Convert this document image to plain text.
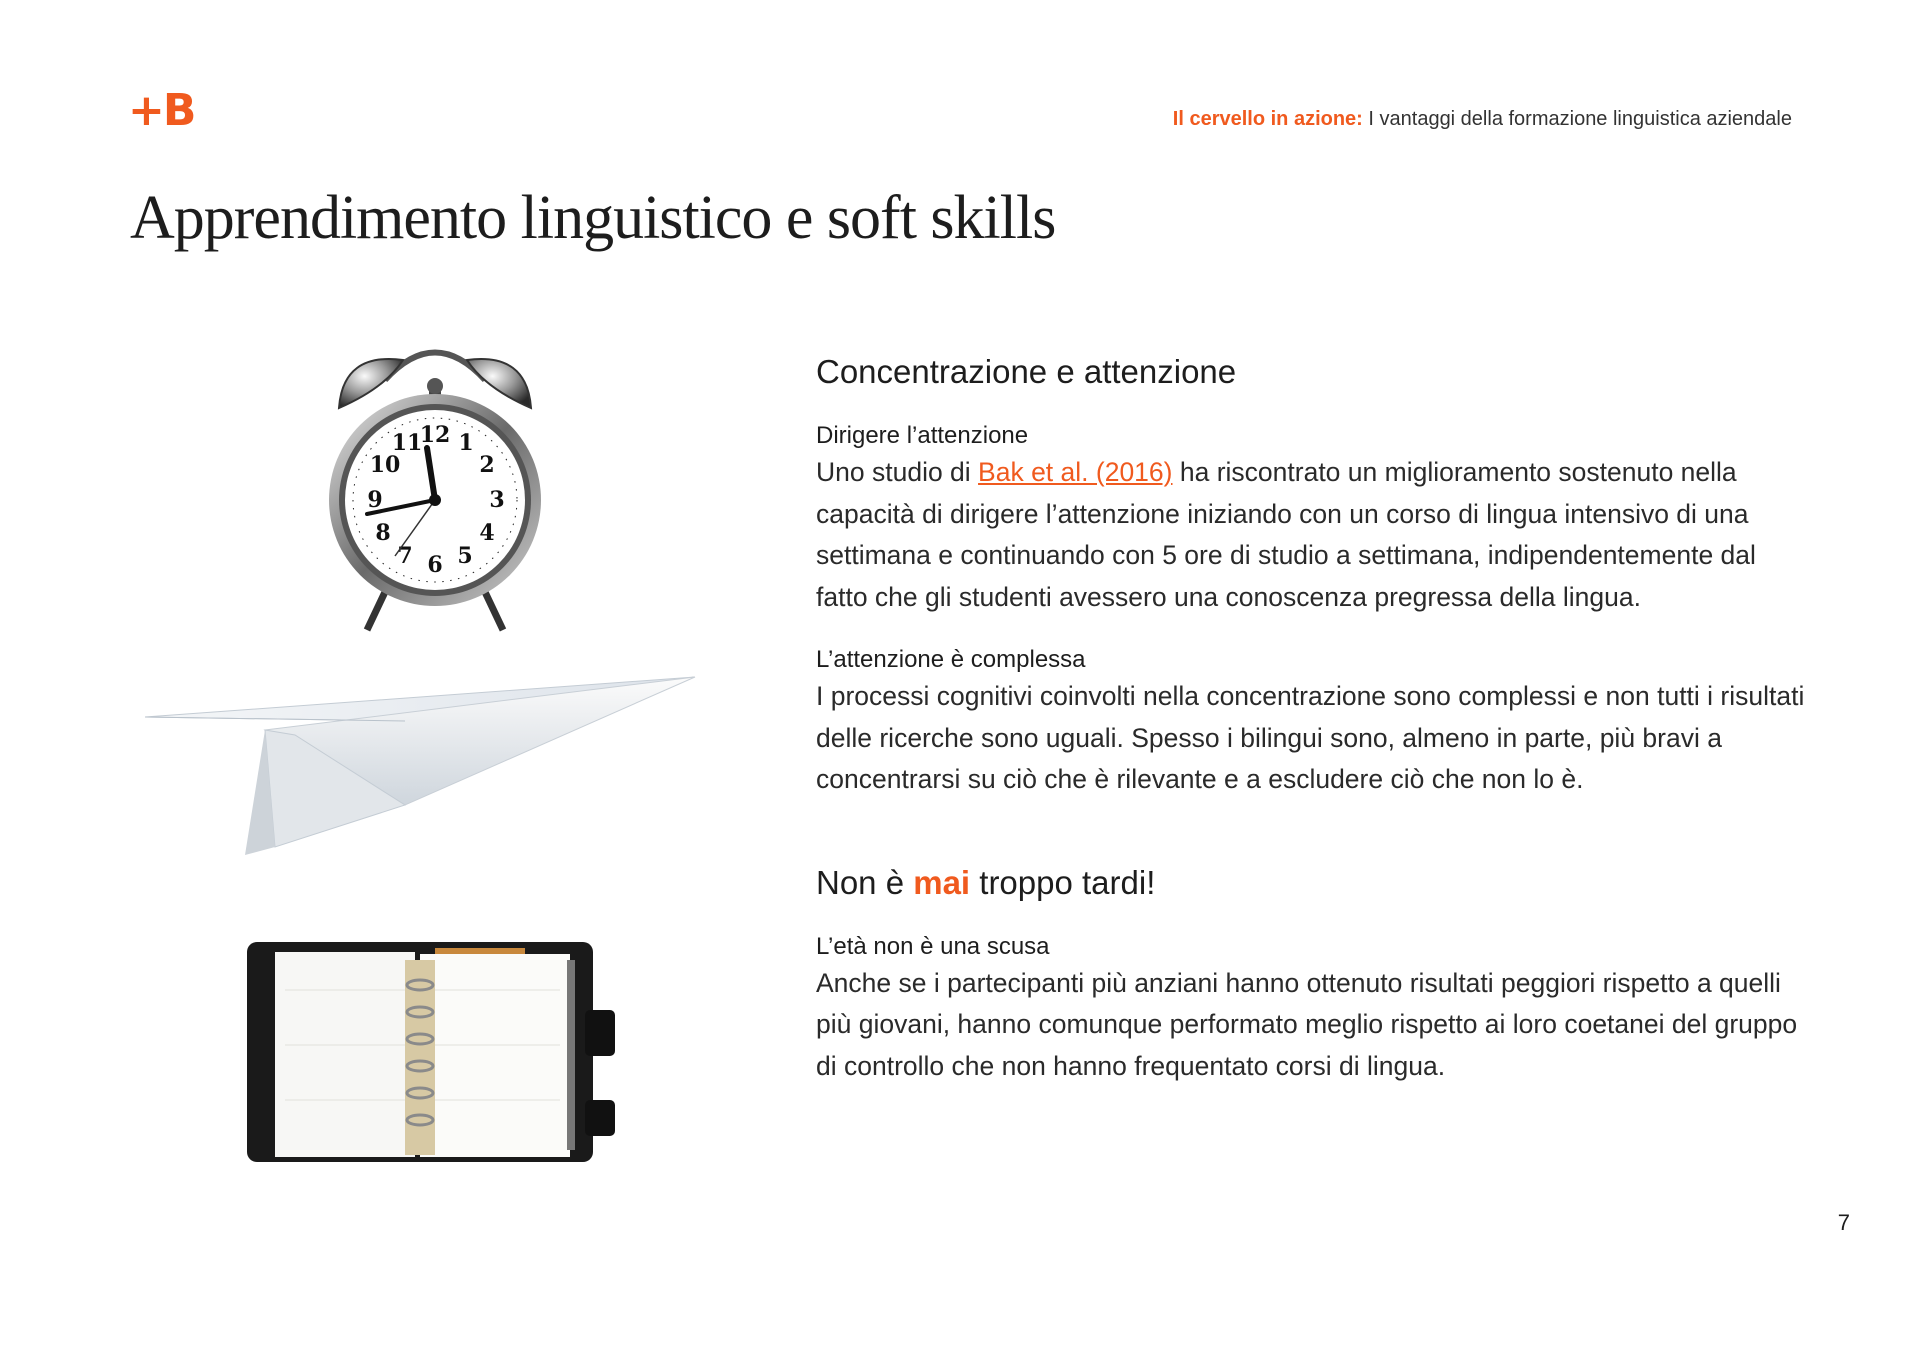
+B	Il cervello in azione: I vantaggi della formazione linguistica aziendale
Apprendimento linguistico e soft skills
12 1
2
3
4
5
6
7
8
9
10
11
Concentrazione e attenzione

Dirigere l’attenzione

Uno studio di Bak et al. (2016) ha riscontrato un miglioramento sostenuto nella capacità di dirigere l’attenzione iniziando con un corso di lingua intensivo di una settimana e continuando con 5 ore di studio a settimana, indipendentemente dal fatto che gli studenti avessero una conoscenza pregressa della lingua.

L’attenzione è complessa

I processi cognitivi coinvolti nella concentrazione sono complessi e non tutti i risultati delle ricerche sono uguali. Spesso i bilingui sono, almeno in parte, più bravi a concentrarsi su ciò che è rilevante e a escludere ciò che non lo è.

Non è mai troppo tardi!

L’età non è una scusa

Anche se i partecipanti più anziani hanno ottenuto risultati peggiori rispetto a quelli più giovani, hanno comunque performato meglio rispetto ai loro coetanei del gruppo di controllo che non hanno frequentato corsi di lingua.

7
